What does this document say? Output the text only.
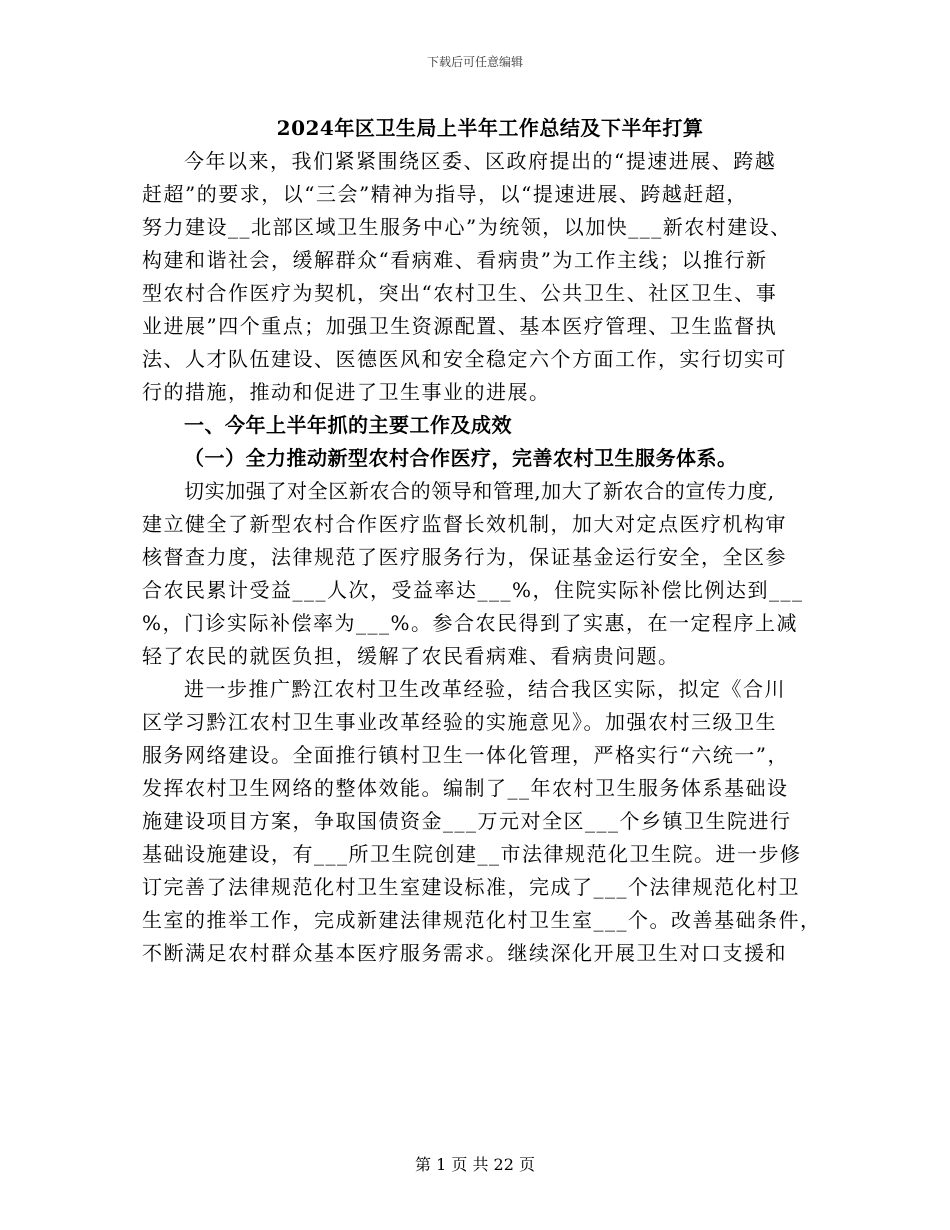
下载后可任意编辑
2024年区卫生局上半年工作总结及下半年打算
今年以来，我们紧紧围绕区委、区政府提出的“提速进展、跨越
赶超”的要求，以“三会”精神为指导，以“提速进展、跨越赶超，
努力建设__北部区域卫生服务中心”为统领，以加快___新农村建设、
构建和谐社会，缓解群众“看病难、看病贵”为工作主线；以推行新
型农村合作医疗为契机，突出“农村卫生、公共卫生、社区卫生、事
业进展”四个重点；加强卫生资源配置、基本医疗管理、卫生监督执
法、人才队伍建设、医德医风和安全稳定六个方面工作，实行切实可
行的措施，推动和促进了卫生事业的进展。
一、今年上半年抓的主要工作及成效
（一）全力推动新型农村合作医疗，完善农村卫生服务体系。
切实加强了对全区新农合的领导和管理,加大了新农合的宣传力度,
建立健全了新型农村合作医疗监督长效机制，加大对定点医疗机构审
核督查力度，法律规范了医疗服务行为，保证基金运行安全，全区参
合农民累计受益___人次，受益率达___%，住院实际补偿比例达到___
%，门诊实际补偿率为___%。参合农民得到了实惠，在一定程序上减
轻了农民的就医负担，缓解了农民看病难、看病贵问题。
进一步推广黔江农村卫生改革经验，结合我区实际，拟定《合川
区学习黔江农村卫生事业改革经验的实施意见》。加强农村三级卫生
服务网络建设。全面推行镇村卫生一体化管理，严格实行“六统一”，
发挥农村卫生网络的整体效能。编制了__年农村卫生服务体系基础设
施建设项目方案，争取国债资金___万元对全区___个乡镇卫生院进行
基础设施建设，有___所卫生院创建__市法律规范化卫生院。进一步修
订完善了法律规范化村卫生室建设标准，完成了___个法律规范化村卫
生室的推举工作，完成新建法律规范化村卫生室___个。改善基础条件，
不断满足农村群众基本医疗服务需求。继续深化开展卫生对口支援和
第 1 页 共 22 页
